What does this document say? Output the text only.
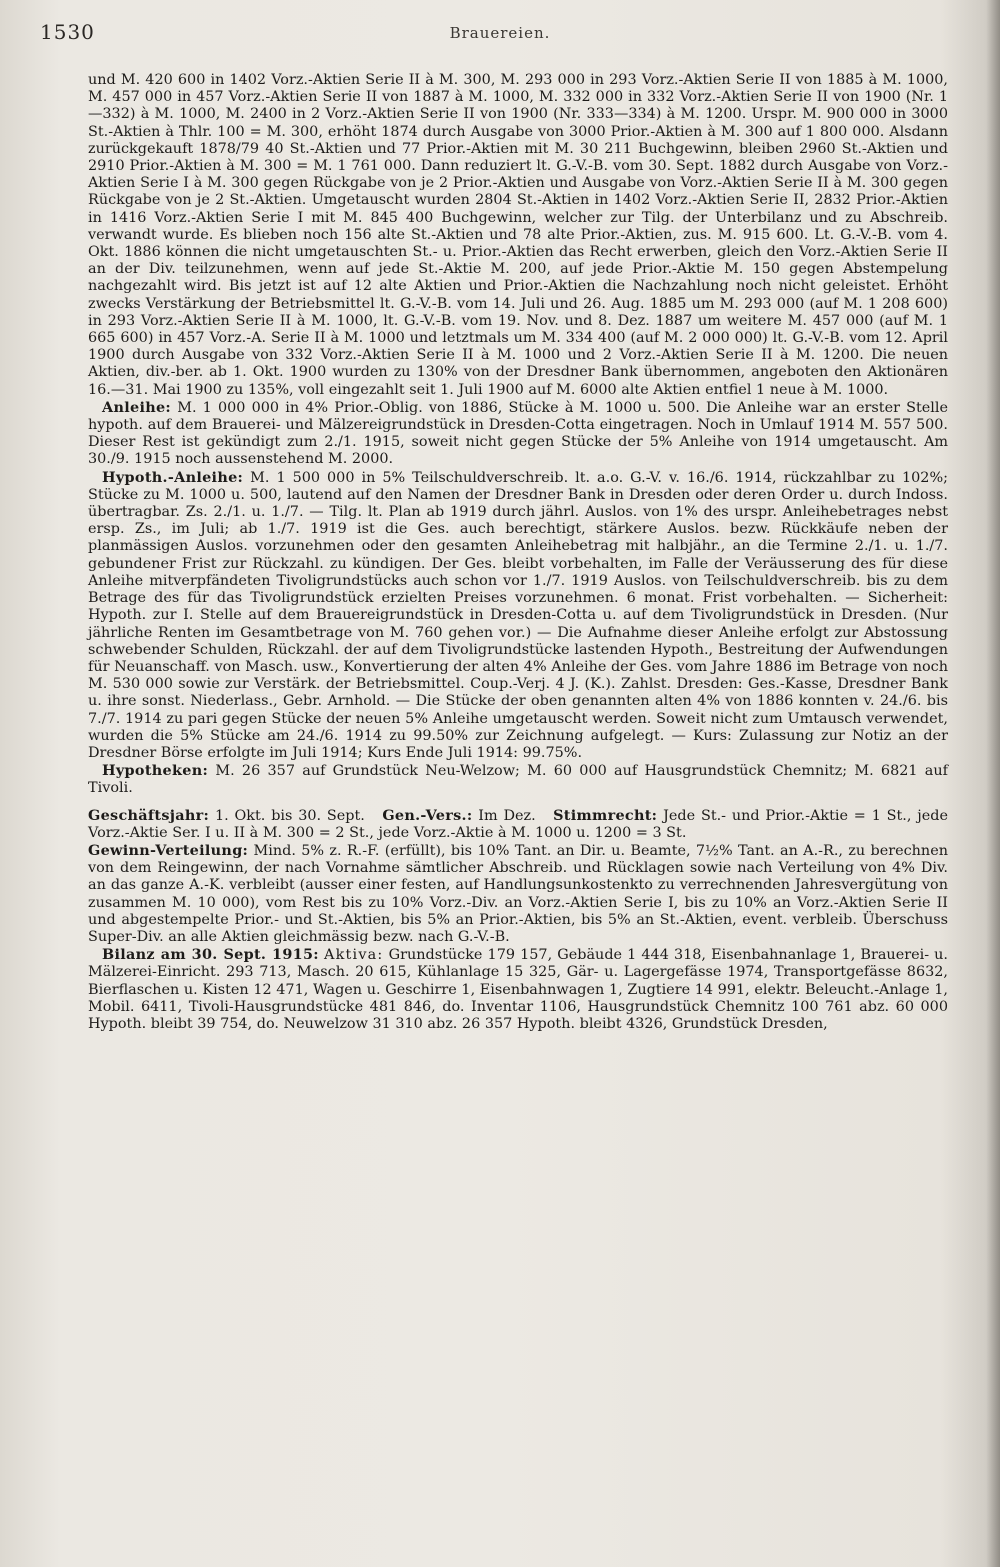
1530	Brauereien.

und M. 420 600 in 1402 Vorz.-Aktien Serie II à M. 300, M. 293 000 in 293 Vorz.-Aktien Serie II von 1885 à M. 1000, M. 457 000 in 457 Vorz.-Aktien Serie II von 1887 à M. 1000, M. 332 000 in 332 Vorz.-Aktien Serie II von 1900 (Nr. 1—332) à M. 1000, M. 2400 in 2 Vorz.-Aktien Serie II von 1900 (Nr. 333—334) à M. 1200. Urspr. M. 900 000 in 3000 St.-Aktien à Thlr. 100 = M. 300, erhöht 1874 durch Ausgabe von 3000 Prior.-Aktien à M. 300 auf 1 800 000. Alsdann zurückgekauft 1878/79 40 St.-Aktien und 77 Prior.-Aktien mit M. 30 211 Buchgewinn, bleiben 2960 St.-Aktien und 2910 Prior.-Aktien à M. 300 = M. 1 761 000. Dann reduziert lt. G.-V.-B. vom 30. Sept. 1882 durch Ausgabe von Vorz.-Aktien Serie I à M. 300 gegen Rückgabe von je 2 Prior.-Aktien und Ausgabe von Vorz.-Aktien Serie II à M. 300 gegen Rückgabe von je 2 St.-Aktien. Umgetauscht wurden 2804 St.-Aktien in 1402 Vorz.-Aktien Serie II, 2832 Prior.-Aktien in 1416 Vorz.-Aktien Serie I mit M. 845 400 Buchgewinn, welcher zur Tilg. der Unterbilanz und zu Abschreib. verwandt wurde. Es blieben noch 156 alte St.-Aktien und 78 alte Prior.-Aktien, zus. M. 915 600. Lt. G.-V.-B. vom 4. Okt. 1886 können die nicht umgetauschten St.- u. Prior.-Aktien das Recht erwerben, gleich den Vorz.-Aktien Serie II an der Div. teilzunehmen, wenn auf jede St.-Aktie M. 200, auf jede Prior.-Aktie M. 150 gegen Abstempelung nachgezahlt wird. Bis jetzt ist auf 12 alte Aktien und Prior.-Aktien die Nachzahlung noch nicht geleistet. Erhöht zwecks Verstärkung der Betriebsmittel lt. G.-V.-B. vom 14. Juli und 26. Aug. 1885 um M. 293 000 (auf M. 1 208 600) in 293 Vorz.-Aktien Serie II à M. 1000, lt. G.-V.-B. vom 19. Nov. und 8. Dez. 1887 um weitere M. 457 000 (auf M. 1 665 600) in 457 Vorz.-A. Serie II à M. 1000 und letztmals um M. 334 400 (auf M. 2 000 000) lt. G.-V.-B. vom 12. April 1900 durch Ausgabe von 332 Vorz.-Aktien Serie II à M. 1000 und 2 Vorz.-Aktien Serie II à M. 1200. Die neuen Aktien, div.-ber. ab 1. Okt. 1900 wurden zu 130% von der Dresdner Bank übernommen, angeboten den Aktionären 16.—31. Mai 1900 zu 135%, voll eingezahlt seit 1. Juli 1900 auf M. 6000 alte Aktien entfiel 1 neue à M. 1000.

Anleihe: M. 1 000 000 in 4% Prior.-Oblig. von 1886, Stücke à M. 1000 u. 500. Die Anleihe war an erster Stelle hypoth. auf dem Brauerei- und Mälzereigrundstück in Dresden-Cotta eingetragen. Noch in Umlauf 1914 M. 557 500. Dieser Rest ist gekündigt zum 2./1. 1915, soweit nicht gegen Stücke der 5% Anleihe von 1914 umgetauscht. Am 30./9. 1915 noch aussenstehend M. 2000.

Hypoth.-Anleihe: M. 1 500 000 in 5% Teilschuldverschreib. lt. a.o. G.-V. v. 16./6. 1914, rückzahlbar zu 102%; Stücke zu M. 1000 u. 500, lautend auf den Namen der Dresdner Bank in Dresden oder deren Order u. durch Indoss. übertragbar. Zs. 2./1. u. 1./7. — Tilg. lt. Plan ab 1919 durch jährl. Auslos. von 1% des urspr. Anleihebetrages nebst ersp. Zs., im Juli; ab 1./7. 1919 ist die Ges. auch berechtigt, stärkere Auslos. bezw. Rückkäufe neben der planmässigen Auslos. vorzunehmen oder den gesamten Anleihebetrag mit halbjähr., an die Termine 2./1. u. 1./7. gebundener Frist zur Rückzahl. zu kündigen. Der Ges. bleibt vorbehalten, im Falle der Veräusserung des für diese Anleihe mitverpfändeten Tivoligrundstücks auch schon vor 1./7. 1919 Auslos. von Teilschuldverschreib. bis zu dem Betrage des für das Tivoligrundstück erzielten Preises vorzunehmen. 6 monat. Frist vorbehalten. — Sicherheit: Hypoth. zur I. Stelle auf dem Brauereigrundstück in Dresden-Cotta u. auf dem Tivoligrundstück in Dresden. (Nur jährliche Renten im Gesamtbetrage von M. 760 gehen vor.) — Die Aufnahme dieser Anleihe erfolgt zur Abstossung schwebender Schulden, Rückzahl. der auf dem Tivoligrundstücke lastenden Hypoth., Bestreitung der Aufwendungen für Neuanschaff. von Masch. usw., Konvertierung der alten 4% Anleihe der Ges. vom Jahre 1886 im Betrage von noch M. 530 000 sowie zur Verstärk. der Betriebsmittel. Coup.-Verj. 4 J. (K.). Zahlst. Dresden: Ges.-Kasse, Dresdner Bank u. ihre sonst. Niederlass., Gebr. Arnhold. — Die Stücke der oben genannten alten 4% von 1886 konnten v. 24./6. bis 7./7. 1914 zu pari gegen Stücke der neuen 5% Anleihe umgetauscht werden. Soweit nicht zum Umtausch verwendet, wurden die 5% Stücke am 24./6. 1914 zu 99.50% zur Zeichnung aufgelegt. — Kurs: Zulassung zur Notiz an der Dresdner Börse erfolgte im Juli 1914; Kurs Ende Juli 1914: 99.75%.

Hypotheken: M. 26 357 auf Grundstück Neu-Welzow; M. 60 000 auf Hausgrundstück Chemnitz; M. 6821 auf Tivoli.

Geschäftsjahr: 1. Okt. bis 30. Sept. Gen.-Vers.: Im Dez. Stimmrecht: Jede St.- und Prior.-Aktie = 1 St., jede Vorz.-Aktie Ser. I u. II à M. 300 = 2 St., jede Vorz.-Aktie à M. 1000 u. 1200 = 3 St.

Gewinn-Verteilung: Mind. 5% z. R.-F. (erfüllt), bis 10% Tant. an Dir. u. Beamte, 7½% Tant. an A.-R., zu berechnen von dem Reingewinn, der nach Vornahme sämtlicher Abschreib. und Rücklagen sowie nach Verteilung von 4% Div. an das ganze A.-K. verbleibt (ausser einer festen, auf Handlungsunkostenkto zu verrechnenden Jahresvergütung von zusammen M. 10 000), vom Rest bis zu 10% Vorz.-Div. an Vorz.-Aktien Serie I, bis zu 10% an Vorz.-Aktien Serie II und abgestempelte Prior.- und St.-Aktien, bis 5% an Prior.-Aktien, bis 5% an St.-Aktien, event. verbleib. Überschuss Super-Div. an alle Aktien gleichmässig bezw. nach G.-V.-B.

Bilanz am 30. Sept. 1915: Aktiva: Grundstücke 179 157, Gebäude 1 444 318, Eisenbahnanlage 1, Brauerei- u. Mälzerei-Einricht. 293 713, Masch. 20 615, Kühlanlage 15 325, Gär- u. Lagergefässe 1974, Transportgefässe 8632, Bierflaschen u. Kisten 12 471, Wagen u. Geschirre 1, Eisenbahnwagen 1, Zugtiere 14 991, elektr. Beleucht.-Anlage 1, Mobil. 6411, Tivoli-Hausgrundstücke 481 846, do. Inventar 1106, Hausgrundstück Chemnitz 100 761 abz. 60 000 Hypoth. bleibt 39 754, do. Neuwelzow 31 310 abz. 26 357 Hypoth. bleibt 4326, Grundstück Dresden,
